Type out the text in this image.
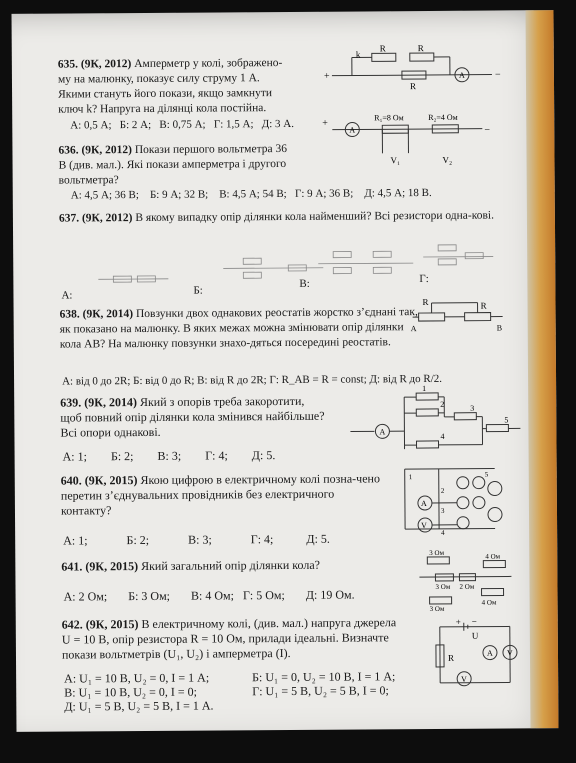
635. (9К, 2012) Амперметр у колі, зображено-му на малюнку, показує силу струму 1 А. Якими стануть його покази, якщо замкнути ключ k? Напруга на ділянці кола постійна.
А: 0,5 А; Б: 2 А; В: 0,75 А; Г: 1,5 А; Д: 3 А.
k
R	R
R
A
+	−
636. (9К, 2012) Покази першого вольтметра 36 В (див. мал.). Які покази амперметра і другого вольтметра?
А: 4,5 А; 36 В; Б: 9 А; 32 В; В: 4,5 А; 54 В; Г: 9 А; 36 В; Д: 4,5 А; 18 В.
A
R₁=8 Ом	R₂=4 Ом
V₁	V₂
+
−
637. (9К, 2012) В якому випадку опір ділянки кола найменший? Всі резистори одна-кові.
А:	Б:
В:	Г:
638. (9К, 2014) Повзунки двох однакових реостатів жорстко з’єднані так, як показано на малюнку. В яких межах можна змінювати опір ділянки кола AB? На малюнку повзунки знахо-дяться посередині реостатів.
А: від 0 до 2R; Б: від 0 до R; В: від R до 2R; Г: R_AB = R = const; Д: від R до R/2.
R	R
A	B
639. (9К, 2014) Який з опорів треба закоротити, щоб повний опір ділянки кола змінився найбільше? Всі опори однакові.
А: 1; Б: 2; В: 3; Г: 4; Д: 5.
A
1
2	3
4
5
640. (9К, 2015) Якою цифрою в електричному колі позна-чено перетин з’єднувальних провідників без електричного контакту?
А: 1;	Б: 2;	В: 3;	Г: 4;	Д: 5.
A
V
1
2
3
4
5
641. (9К, 2015) Який загальний опір ділянки кола?
А: 2 Ом; Б: 3 Ом; В: 4 Ом; Г: 5 Ом; Д: 19 Ом.
3 Ом
3 Ом 2 Ом
4 Ом
4 Ом
3 Ом
642. (9К, 2015) В електричному колі, (див. мал.) напруга джерела U = 10 В, опір резистора R = 10 Ом, прилади ідеальні. Визначте покази вольтметрів (U₁, U₂) і амперметра (I).
А: U₁ = 10 В, U₂ = 0, I = 1 А;	Б: U₁ = 0, U₂ = 10 В, I = 1 А;
В: U₁ = 10 В, U₂ = 0, I = 0;	Г: U₁ = 5 В, U₂ = 5 В, I = 0;
Д: U₁ = 5 В, U₂ = 5 В, I = 1 А.
U
R	A V
V
+ −
